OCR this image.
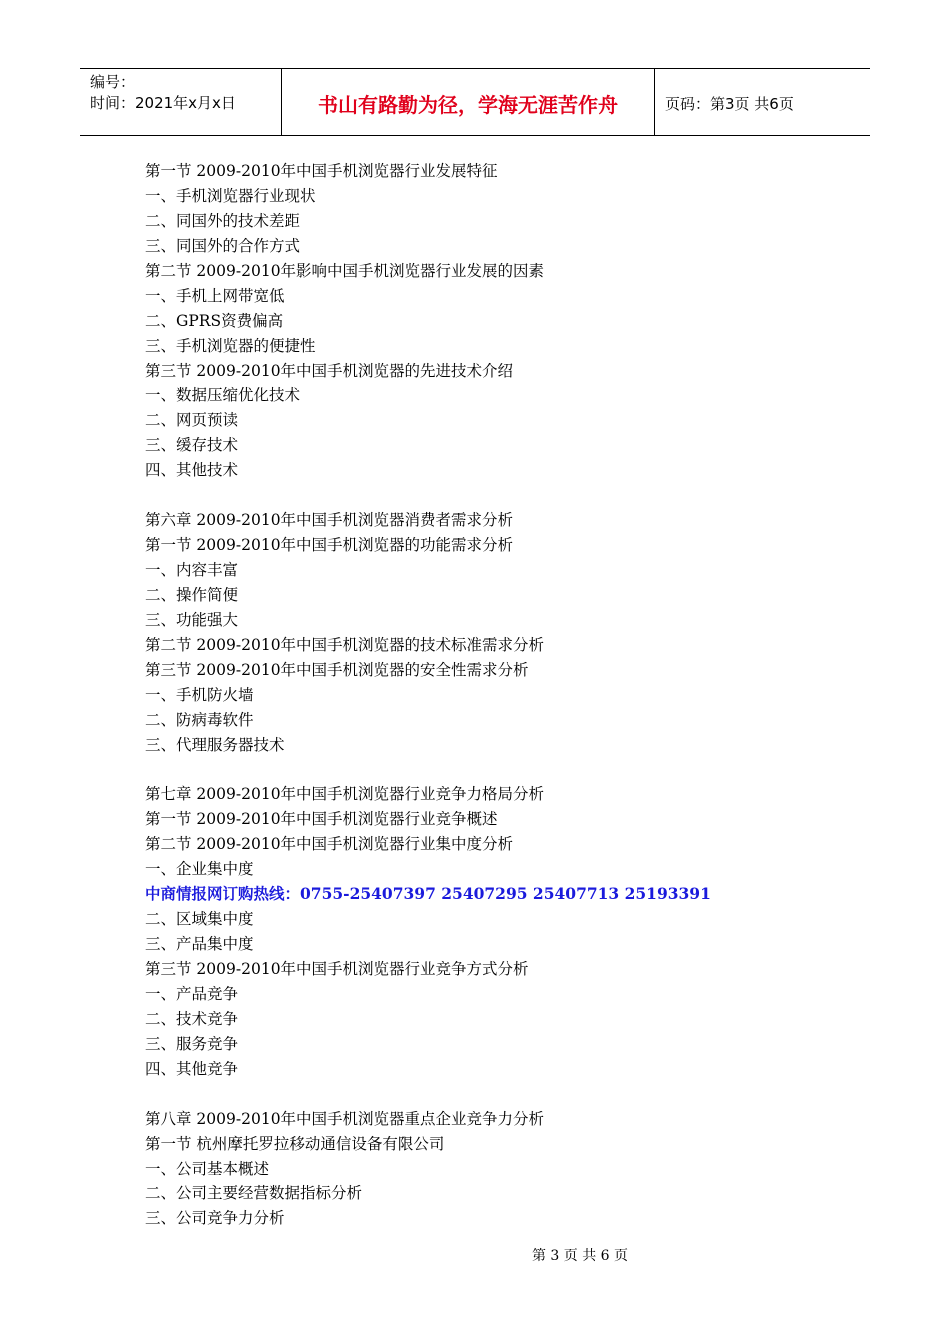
编号：
时间：2021年x月x日	书山有路勤为径，学海无涯苦作舟	页码：第3页 共6页
第一节 2009-2010年中国手机浏览器行业发展特征
一、手机浏览器行业现状
二、同国外的技术差距
三、同国外的合作方式
第二节 2009-2010年影响中国手机浏览器行业发展的因素
一、手机上网带宽低
二、GPRS资费偏高
三、手机浏览器的便捷性
第三节 2009-2010年中国手机浏览器的先进技术介绍
一、数据压缩优化技术
二、网页预读
三、缓存技术
四、其他技术
第六章 2009-2010年中国手机浏览器消费者需求分析
第一节 2009-2010年中国手机浏览器的功能需求分析
一、内容丰富
二、操作简便
三、功能强大
第二节 2009-2010年中国手机浏览器的技术标准需求分析
第三节 2009-2010年中国手机浏览器的安全性需求分析
一、手机防火墙
二、防病毒软件
三、代理服务器技术
第七章 2009-2010年中国手机浏览器行业竞争力格局分析
第一节 2009-2010年中国手机浏览器行业竞争概述
第二节 2009-2010年中国手机浏览器行业集中度分析
一、企业集中度
中商情报网订购热线：0755-25407397 25407295 25407713 25193391
二、区域集中度
三、产品集中度
第三节 2009-2010年中国手机浏览器行业竞争方式分析
一、产品竞争
二、技术竞争
三、服务竞争
四、其他竞争
第八章 2009-2010年中国手机浏览器重点企业竞争力分析
第一节 杭州摩托罗拉移动通信设备有限公司
一、公司基本概述
二、公司主要经营数据指标分析
三、公司竞争力分析
第 3 页 共 6 页
